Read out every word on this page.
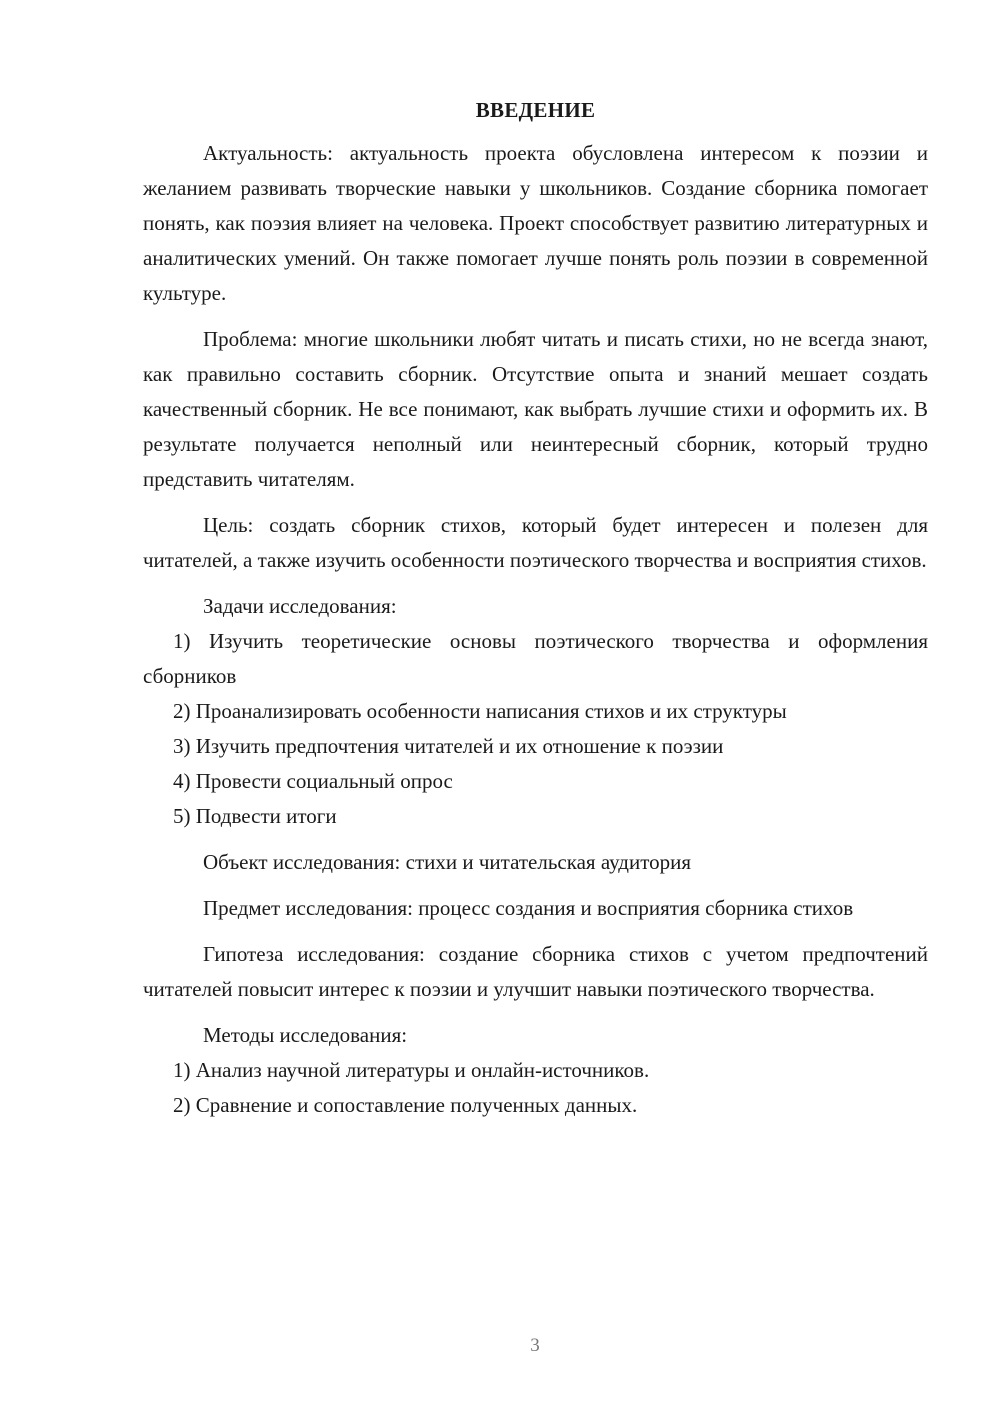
ВВЕДЕНИЕ

Актуальность: актуальность проекта обусловлена интересом к поэзии и желанием развивать творческие навыки у школьников. Создание сборника помогает понять, как поэзия влияет на человека. Проект способствует развитию литературных и аналитических умений. Он также помогает лучше понять роль поэзии в современной культуре.

Проблема: многие школьники любят читать и писать стихи, но не всегда знают, как правильно составить сборник. Отсутствие опыта и знаний мешает создать качественный сборник. Не все понимают, как выбрать лучшие стихи и оформить их. В результате получается неполный или неинтересный сборник, который трудно представить читателям.

Цель: создать сборник стихов, который будет интересен и полезен для читателей, а также изучить особенности поэтического творчества и восприятия стихов.

Задачи исследования:

1) Изучить теоретические основы поэтического творчества и оформления сборников

2) Проанализировать особенности написания стихов и их структуры

3) Изучить предпочтения читателей и их отношение к поэзии

4) Провести социальный опрос

5) Подвести итоги

Объект исследования: стихи и читательская аудитория

Предмет исследования: процесс создания и восприятия сборника стихов

Гипотеза исследования: создание сборника стихов с учетом предпочтений читателей повысит интерес к поэзии и улучшит навыки поэтического творчества.

Методы исследования:

1) Анализ научной литературы и онлайн-источников.

2) Сравнение и сопоставление полученных данных.

3
